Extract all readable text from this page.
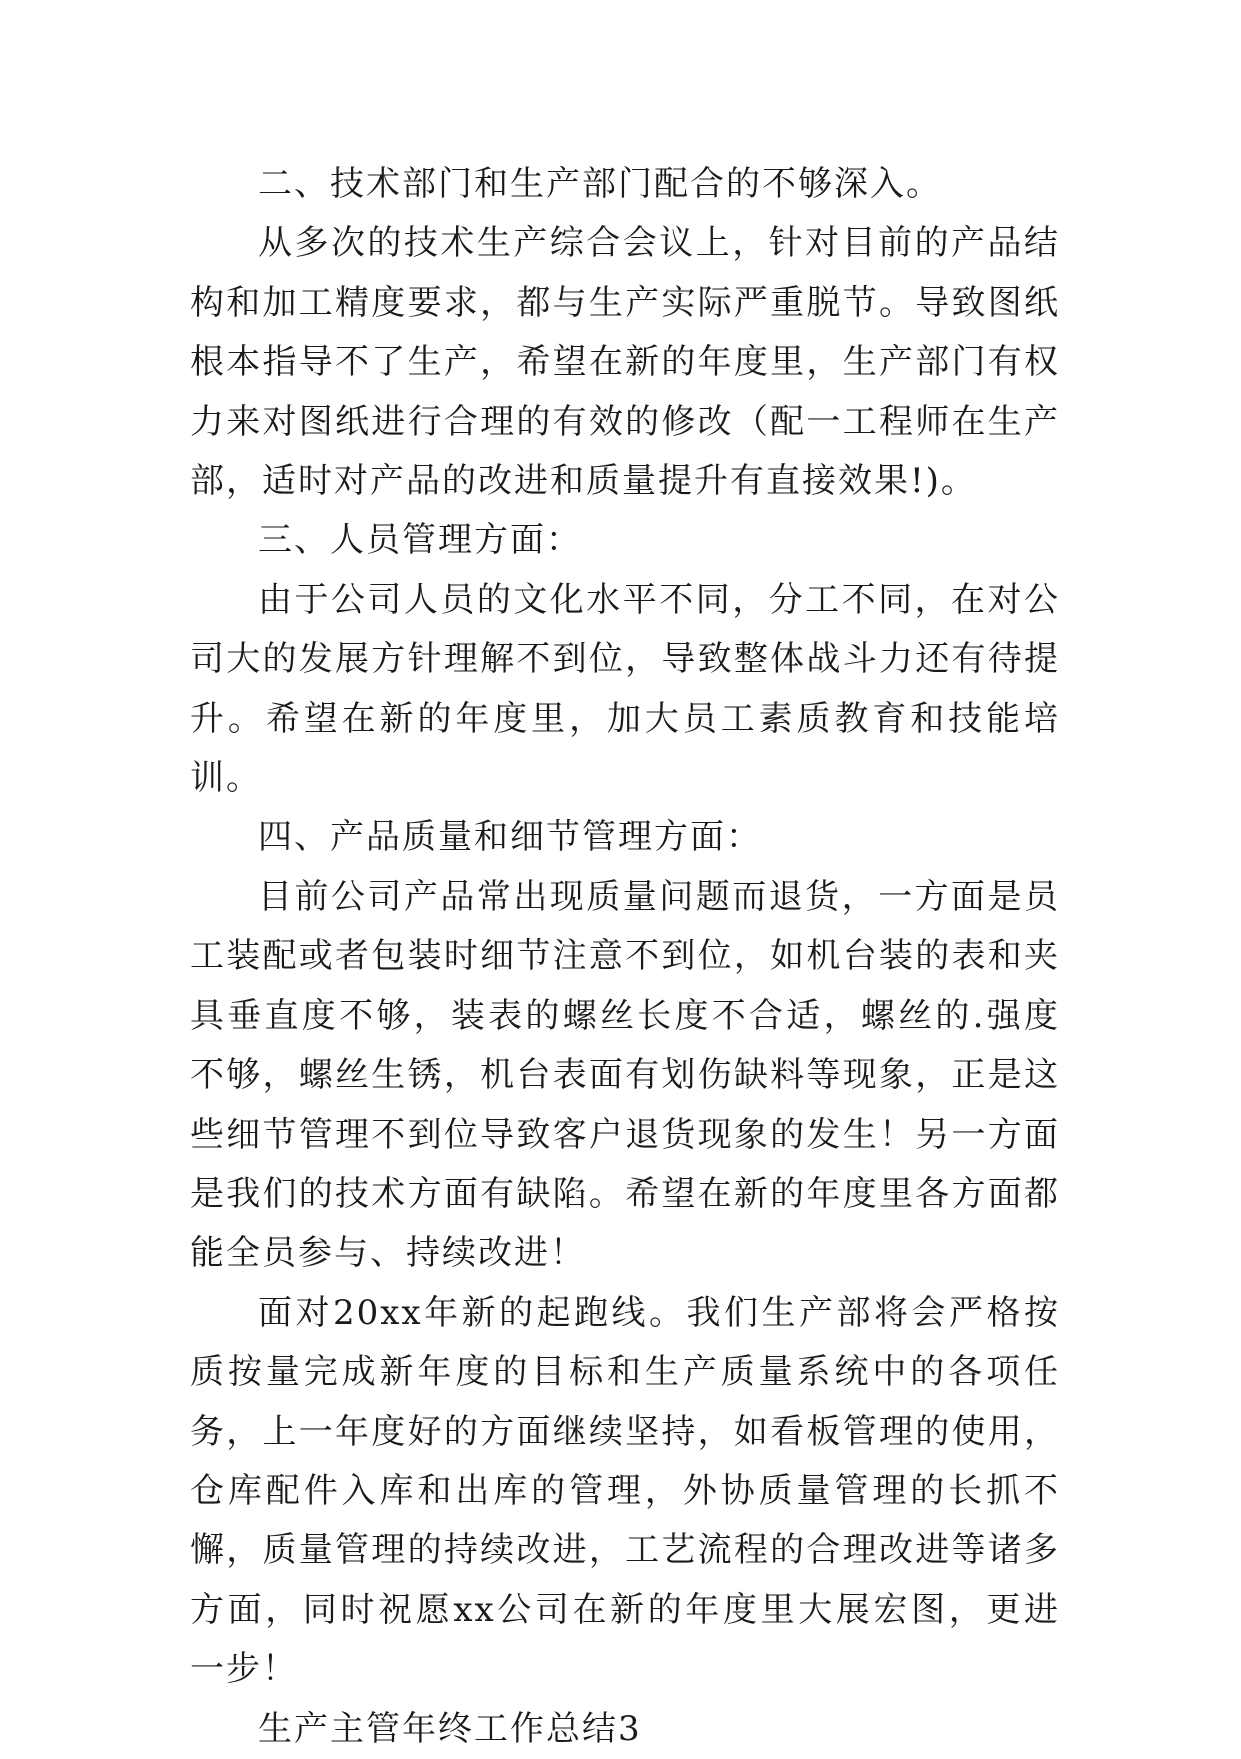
二、技术部门和生产部门配合的不够深入。

从多次的技术生产综合会议上，针对目前的产品结构和加工精度要求，都与生产实际严重脱节。导致图纸根本指导不了生产，希望在新的年度里，生产部门有权力来对图纸进行合理的有效的修改（配一工程师在生产部，适时对产品的改进和质量提升有直接效果!)。

三、人员管理方面：

由于公司人员的文化水平不同，分工不同，在对公司大的发展方针理解不到位，导致整体战斗力还有待提升。希望在新的年度里，加大员工素质教育和技能培训。

四、产品质量和细节管理方面：

目前公司产品常出现质量问题而退货，一方面是员工装配或者包装时细节注意不到位，如机台装的表和夹具垂直度不够，装表的螺丝长度不合适，螺丝的.强度不够，螺丝生锈，机台表面有划伤缺料等现象，正是这些细节管理不到位导致客户退货现象的发生！另一方面是我们的技术方面有缺陷。希望在新的年度里各方面都能全员参与、持续改进！

面对20xx年新的起跑线。我们生产部将会严格按质按量完成新年度的目标和生产质量系统中的各项任务，上一年度好的方面继续坚持，如看板管理的使用，仓库配件入库和出库的管理，外协质量管理的长抓不懈，质量管理的持续改进，工艺流程的合理改进等诸多方面，同时祝愿xx公司在新的年度里大展宏图，更进一步！

生产主管年终工作总结3
